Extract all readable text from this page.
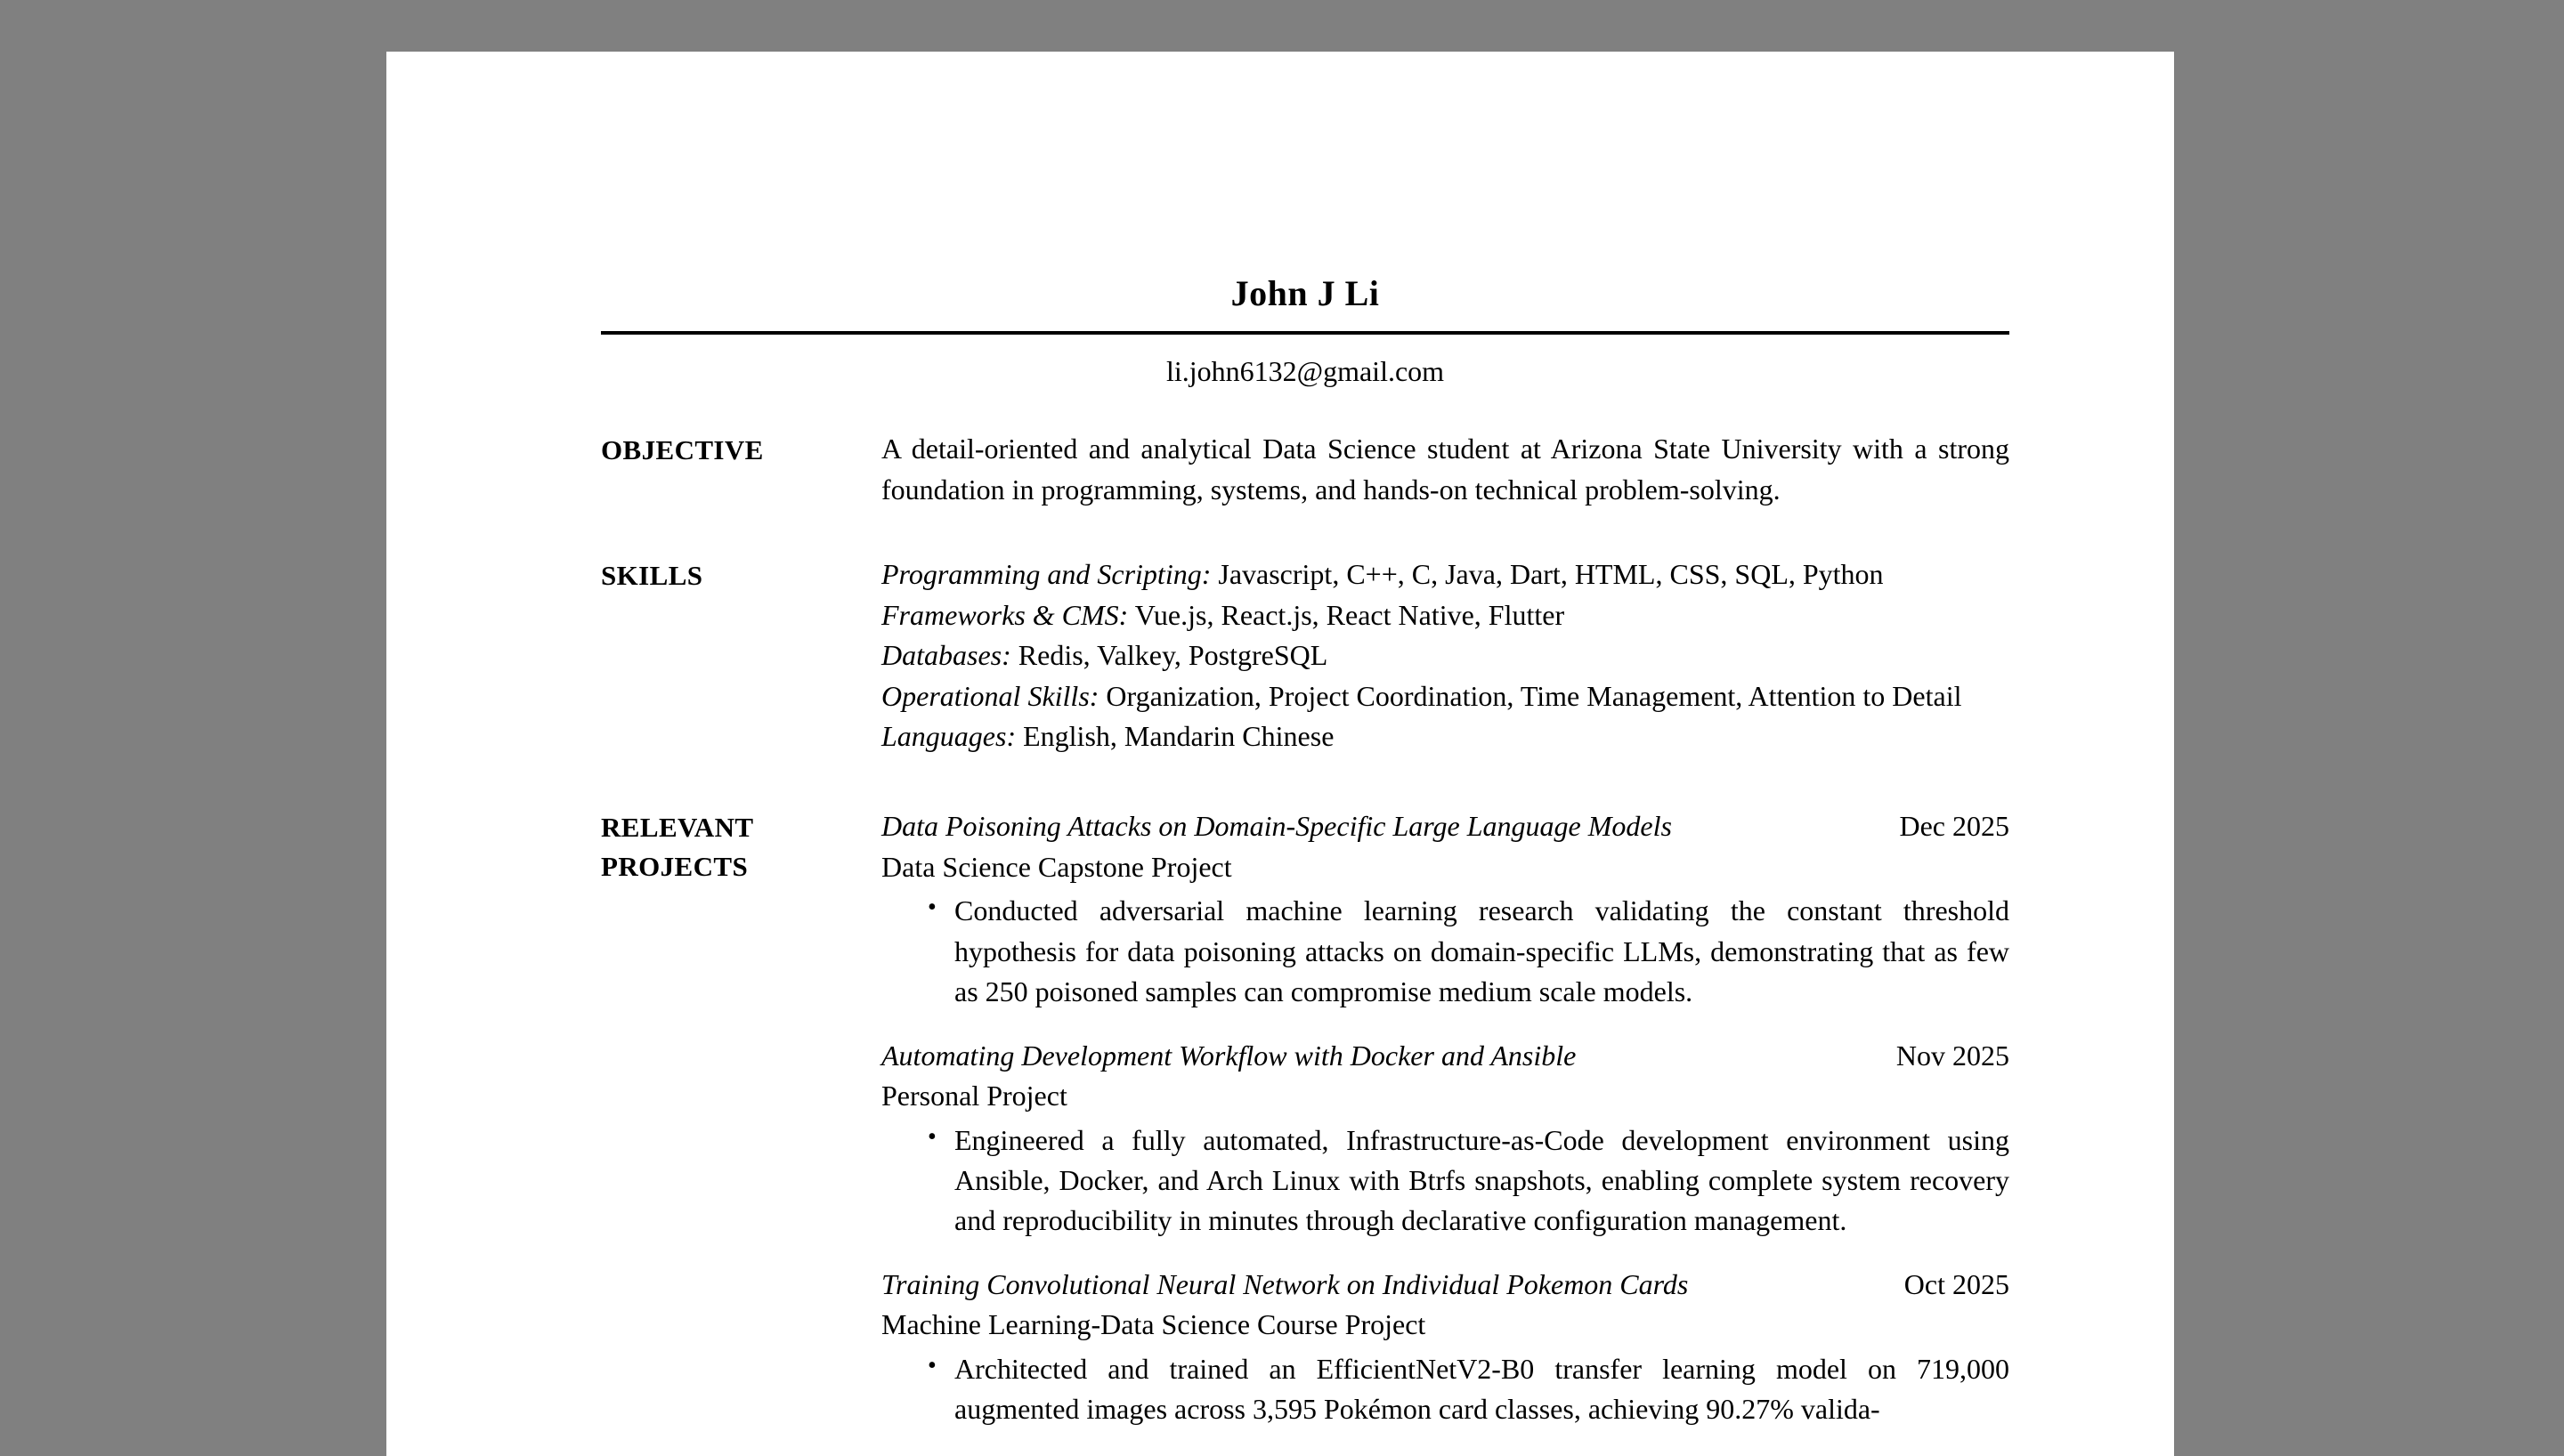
John J Li
li.john6132@gmail.com
OBJECTIVE	A detail-oriented and analytical Data Science student at Arizona State University with a strong foundation in programming, systems, and hands-on technical problem-solving.

SKILLS	Programming and Scripting: Javascript, C++, C, Java, Dart, HTML, CSS, SQL, Python

Frameworks & CMS: Vue.js, React.js, React Native, Flutter

Databases: Redis, Valkey, PostgreSQL

Operational Skills: Organization, Project Coordination, Time Management, Attention to Detail

Languages: English, Mandarin Chinese

RELEVANT
PROJECTS
Data Poisoning Attacks on Domain-Specific Large Language Models	Dec 2025
Data Science Capstone Project
• Conducted adversarial machine learning research validating the constant threshold hypothesis for data poisoning attacks on domain-specific LLMs, demonstrating that as few as 250 poisoned samples can compromise medium scale models.
Automating Development Workflow with Docker and Ansible	Nov 2025
Personal Project
• Engineered a fully automated, Infrastructure-as-Code development environment using Ansible, Docker, and Arch Linux with Btrfs snapshots, enabling complete system recovery and reproducibility in minutes through declarative configuration management.
Training Convolutional Neural Network on Individual Pokemon Cards	Oct 2025
Machine Learning-Data Science Course Project
• Architected and trained an EfficientNetV2-B0 transfer learning model on 719,000 augmented images across 3,595 Pokémon card classes, achieving 90.27% valida-
